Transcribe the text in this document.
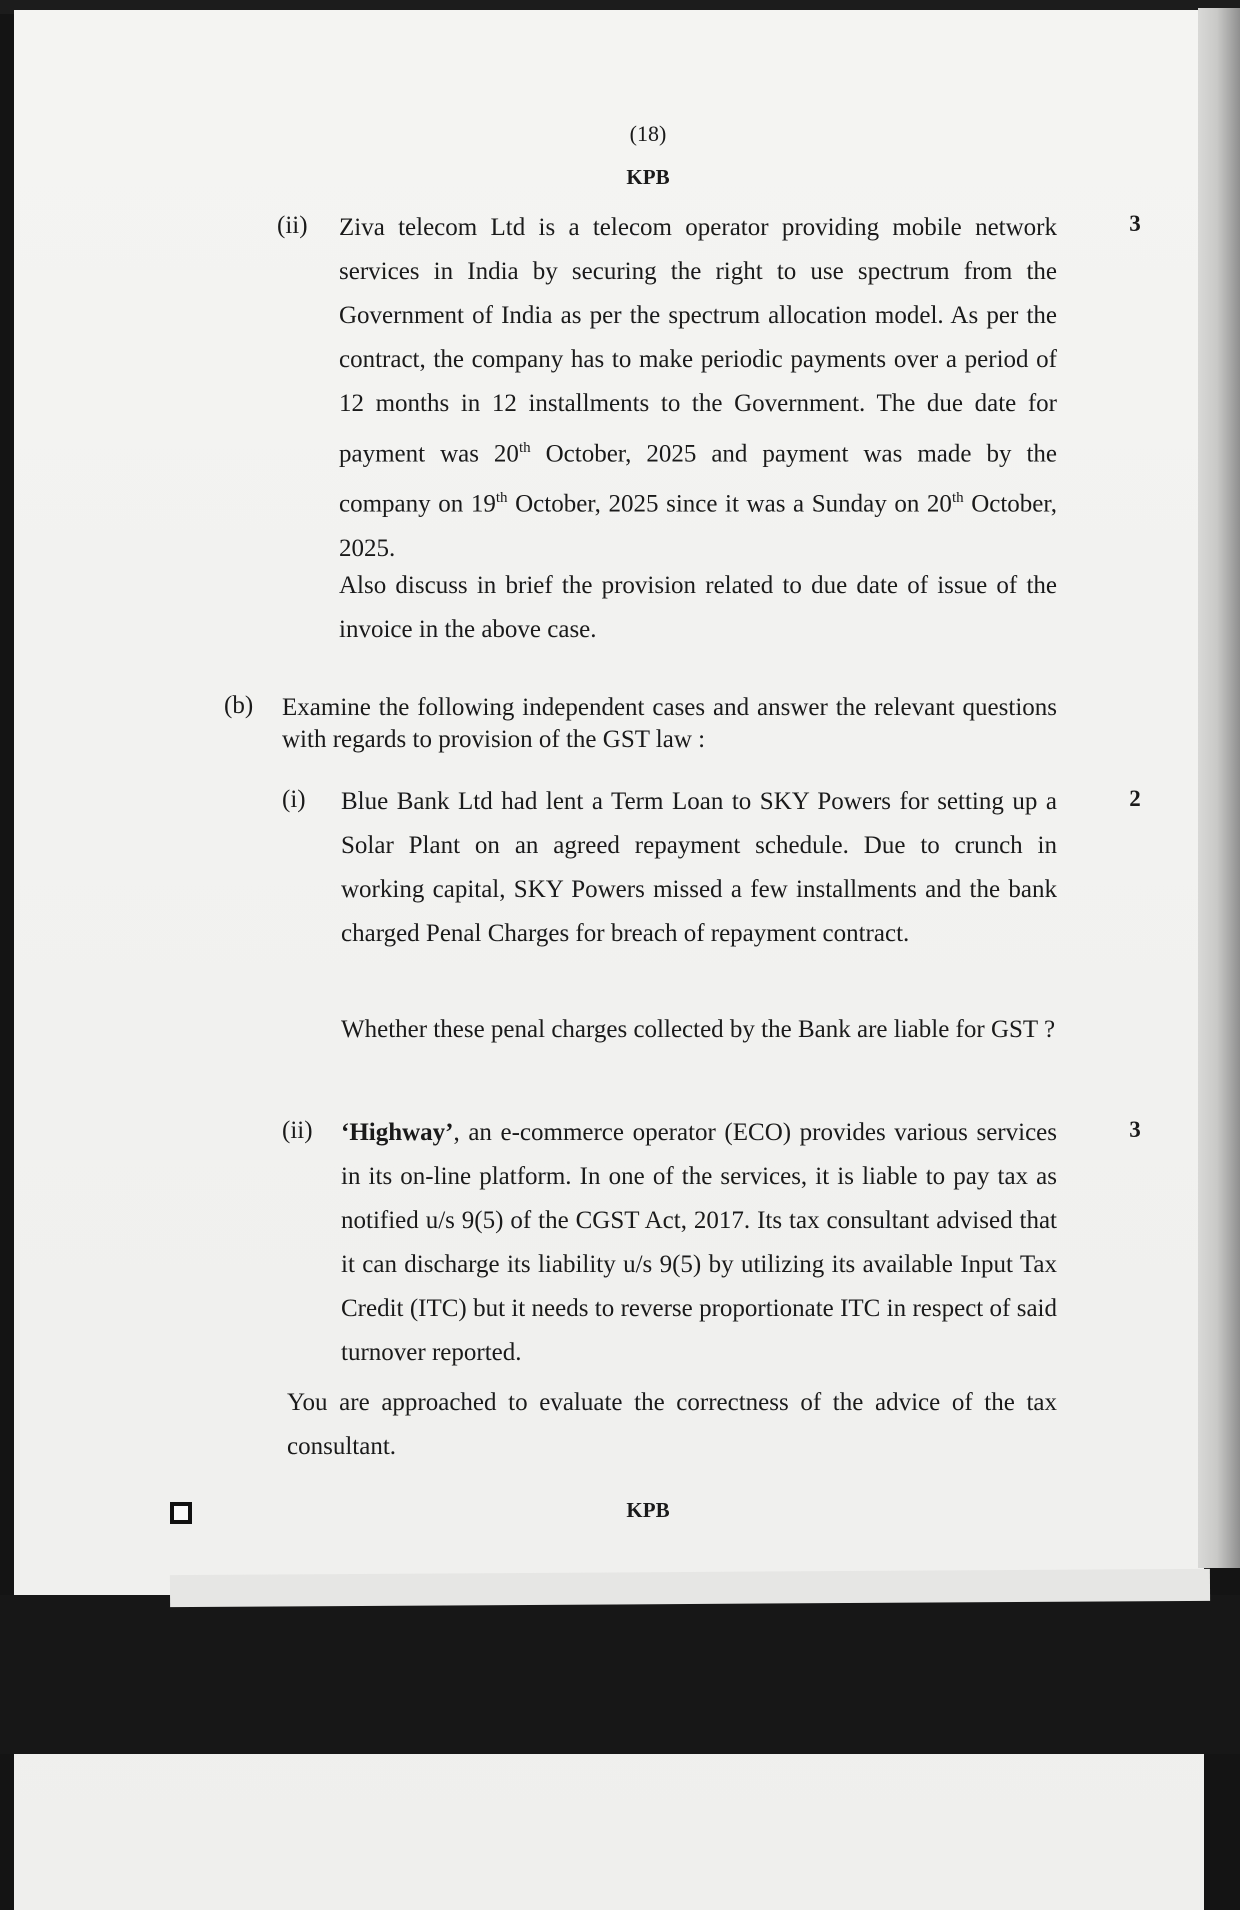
(18)
KPB
(ii) Ziva telecom Ltd is a telecom operator providing mobile network services in India by securing the right to use spectrum from the Government of India as per the spectrum allocation model. As per the contract, the company has to make periodic payments over a period of 12 months in 12 installments to the Government. The due date for payment was 20th October, 2025 and payment was made by the company on 19th October, 2025 since it was a Sunday on 20th October, 2025.

3

Also discuss in brief the provision related to due date of issue of the invoice in the above case.

(b) Examine the following independent cases and answer the relevant questions with regards to provision of the GST law :

(i) Blue Bank Ltd had lent a Term Loan to SKY Powers for setting up a Solar Plant on an agreed repayment schedule. Due to crunch in working capital, SKY Powers missed a few installments and the bank charged Penal Charges for breach of repayment contract.

2

Whether these penal charges collected by the Bank are liable for GST ?

(ii) ‘Highway’, an e-commerce operator (ECO) provides various services in its on-line platform. In one of the services, it is liable to pay tax as notified u/s 9(5) of the CGST Act, 2017. Its tax consultant advised that it can discharge its liability u/s 9(5) by utilizing its available Input Tax Credit (ITC) but it needs to reverse proportionate ITC in respect of said turnover reported.

3

You are approached to evaluate the correctness of the advice of the tax consultant.

KPB
